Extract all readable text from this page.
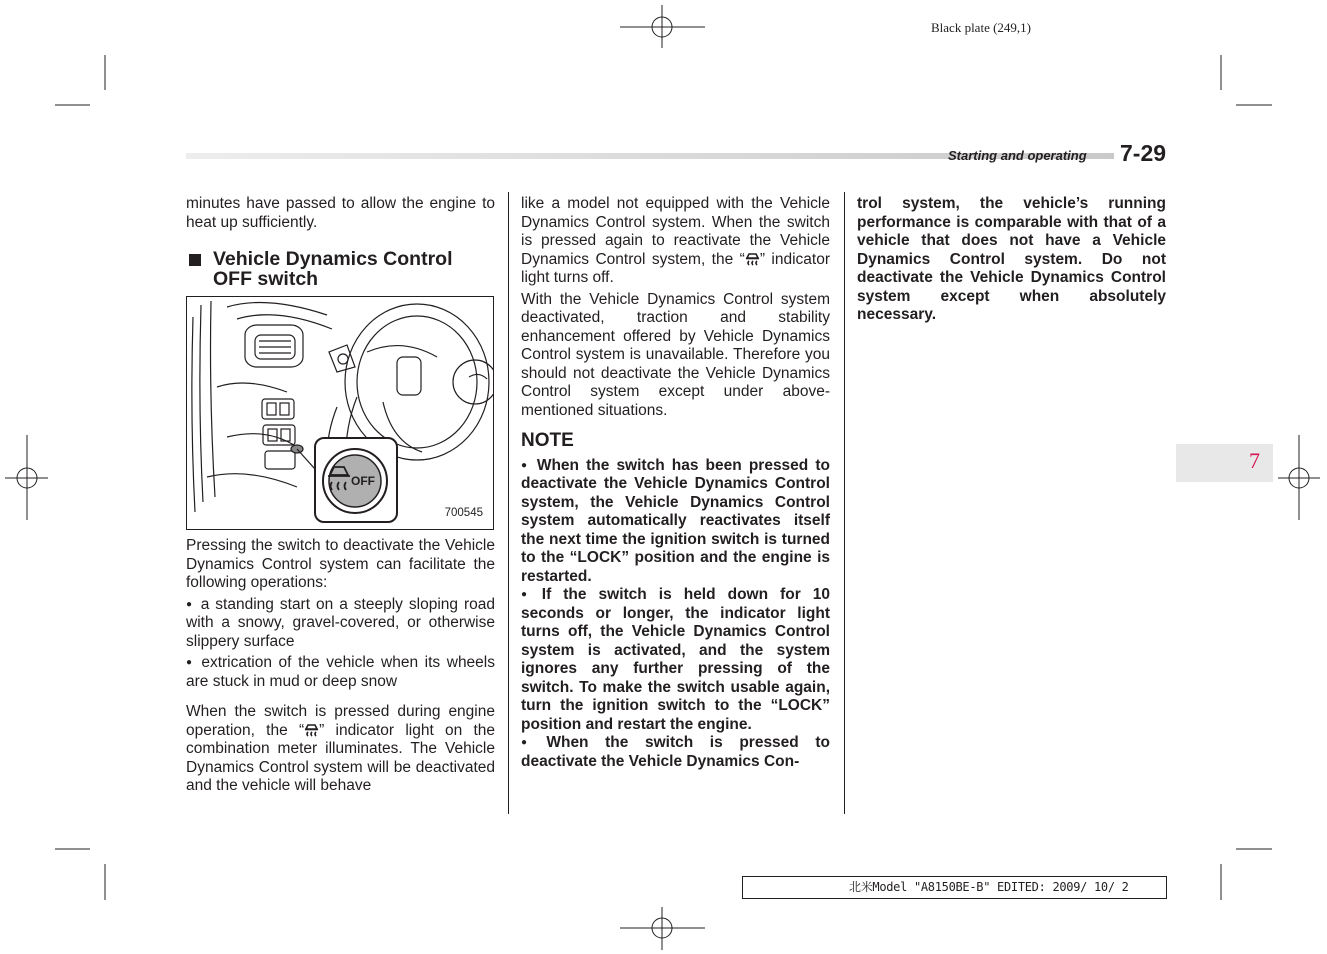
Black plate (249,1)
Starting and operating 7-29

minutes have passed to allow the engine to heat up sufficiently.

Vehicle Dynamics Control OFF switch
OFF
700545

Pressing the switch to deactivate the Vehicle Dynamics Control system can facilitate the following operations:

● a standing start on a steeply sloping road with a snowy, gravel-covered, or otherwise slippery surface

● extrication of the vehicle when its wheels are stuck in mud or deep snow

When the switch is pressed during engine operation, the “ ” indicator light on the combination meter illuminates. The Vehicle Dynamics Control system will be deactivated and the vehicle will behave

like a model not equipped with the Vehicle Dynamics Control system. When the switch is pressed again to reactivate the Vehicle Dynamics Control system, the “ ” indicator light turns off.

With the Vehicle Dynamics Control system deactivated, traction and stability enhancement offered by Vehicle Dynamics Control system is unavailable. Therefore you should not deactivate the Vehicle Dynamics Control system except under above-mentioned situations.

NOTE

● When the switch has been pressed to deactivate the Vehicle Dynamics Control system, the Vehicle Dynamics Control system automatically reactivates itself the next time the ignition switch is turned to the “LOCK” position and the engine is restarted.

● If the switch is held down for 10 seconds or longer, the indicator light turns off, the Vehicle Dynamics Control system is activated, and the system ignores any further pressing of the switch. To make the switch usable again, turn the ignition switch to the “LOCK” position and restart the engine.

● When the switch is pressed to deactivate the Vehicle Dynamics Con-

trol system, the vehicle’s running performance is comparable with that of a vehicle that does not have a Vehicle Dynamics Control system. Do not deactivate the Vehicle Dynamics Control system except when absolutely necessary.

7
北米Model "A8150BE-B" EDITED: 2009/ 10/ 2
